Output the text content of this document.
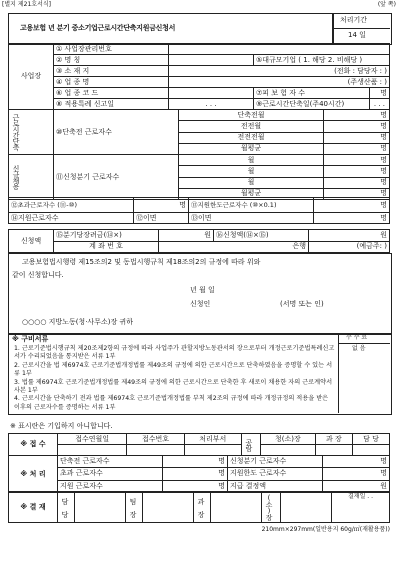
[별지 제21호서식]	(앞 쪽)
고용보험 년 분기 중소기업근로시간단축지원금신청서
처리기간
14 일
사업장	① 사업장관리번호			
	② 명 칭		⑤대규모기업 ( 1. 해당 2. 비해당 )	
	③ 소 재 지	(전화 : 담당자 : )		
	④ 업 종 명	(주생산품 : )		
	⑥ 업 종 코 드		⑦피 보 험 자 수	명
	⑧ 적용특례 신고일	. . .	⑨근로시간단축일(주40시간)	. . .
근로시간단축	⑩단축전 근로자수	단축전월	명
		전전월	명
		전전전월	명
		월평균	명

신규채용	⑪신청분기 근로자수	월	명
		월	명
		월	명
		월평균	명
⑫초과근로자수 (⑪-⑩)	명	⑬지원한도근로자수 (⑩×0.1)	명
⑭지원근로자수	⑫이면	⑬이면	명
신청액	⑮분기당장려금(⑭×)	원	⑯신청액(⑭×⑮)	원
	계 좌 번 호	은행		(예금주: )
고용보험법시행령 제15조의2 및 동법시행규칙 제18조의2의 규정에 따라 위와
같이 신청합니다.
년 월 일
신청인	(서명 또는 인)
○○○○ 지방노동(청·사무소)장 귀하
수 수 료
없 음
※ 구비서류
1. 근로기준법시행규칙 제20조제2항의 규정에 따라 사업주가 관할지방노동관서의 장으로부터 개정근로기준법특례신고서가 수리되었음을 통지받은 서류 1부
2. 근로시간을 법 제6974호 근로기준법개정법률 제49조의 규정에 의한 근로시간으로 단축하였음을 증명할 수 있는 서류 1부
3. 법률 제6974호 근로기준법개정법률 제49조의 규정에 의한 근로시간으로 단축한 후 새로이 채용한 자의 근로계약서 사본 1부
4. 근로시간을 단축하기 전과 법률 제6974호 근로기준법개정법률 부칙 제2조의 규정에 따라 개정규정의 적용을 받은 이후의 근로자수를 증명하는 서류 1부
※ 표시란은 기입하지 아니합니다.
※ 접 수	접수연월일	접수번호	처리부서	공람	청(소)장	과 장	담 당

※ 처 리	단축전 근로자수	명	신청분기 근로자수	명
	초과 근로자수	명	지원한도 근로자수	명
	지원 근로자수	명	지급 결정액	원
※ 결 재	담 당		팀 장		과 장		(소)장		결재일 . .
210mm×297mm(일반용지 60g/㎡(재활용품))
